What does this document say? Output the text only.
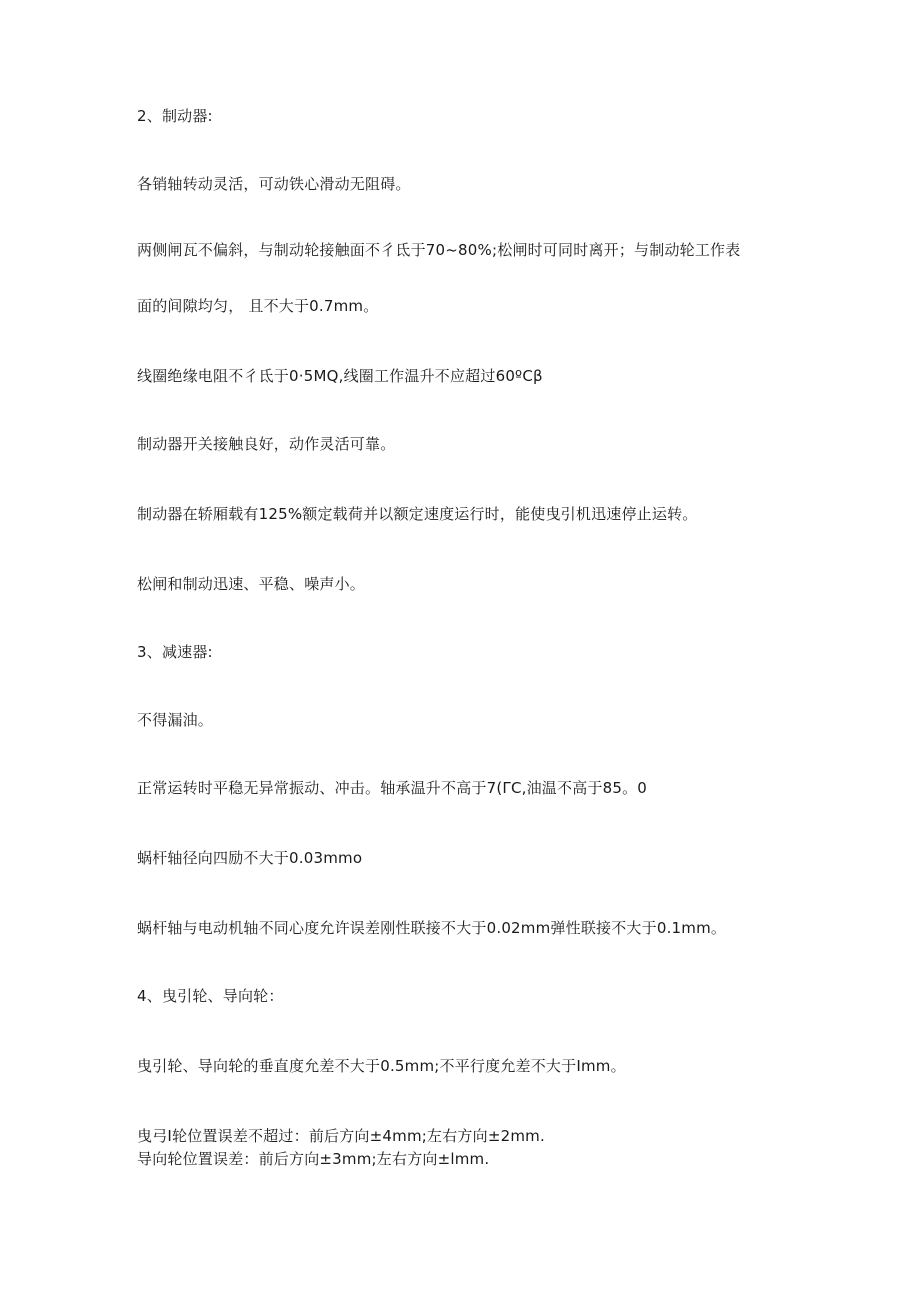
2、制动器:
各销轴转动灵活，可动铁心滑动无阻碍。
两侧闸瓦不偏斜，与制动轮接触面不彳氐于70~80%;松闸时可同时离开；与制动轮工作表
面的间隙均匀， 且不大于0.7mm。
线圈绝缘电阻不彳氐于0·5MQ,线圈工作温升不应超过60ºCβ
制动器开关接触良好，动作灵活可靠。
制动器在轿厢载有125%额定载荷并以额定速度运行时，能使曳引机迅速停止运转。
松闸和制动迅速、平稳、噪声小。
3、减速器:
不得漏油。
正常运转时平稳无异常振动、冲击。轴承温升不高于7(ΓC,油温不高于85。0
蜗杆轴径向四励不大于0.03mmo
蜗杆轴与电动机轴不同心度允许误差刚性联接不大于0.02mm弹性联接不大于0.1mm。
4、曳引轮、导向轮：
曳引轮、导向轮的垂直度允差不大于0.5mm;不平行度允差不大于Imm。
曳弓I轮位置误差不超过：前后方向±4mm;左右方向±2mm.
导向轮位置误差：前后方向±3mm;左右方向±lmm.
